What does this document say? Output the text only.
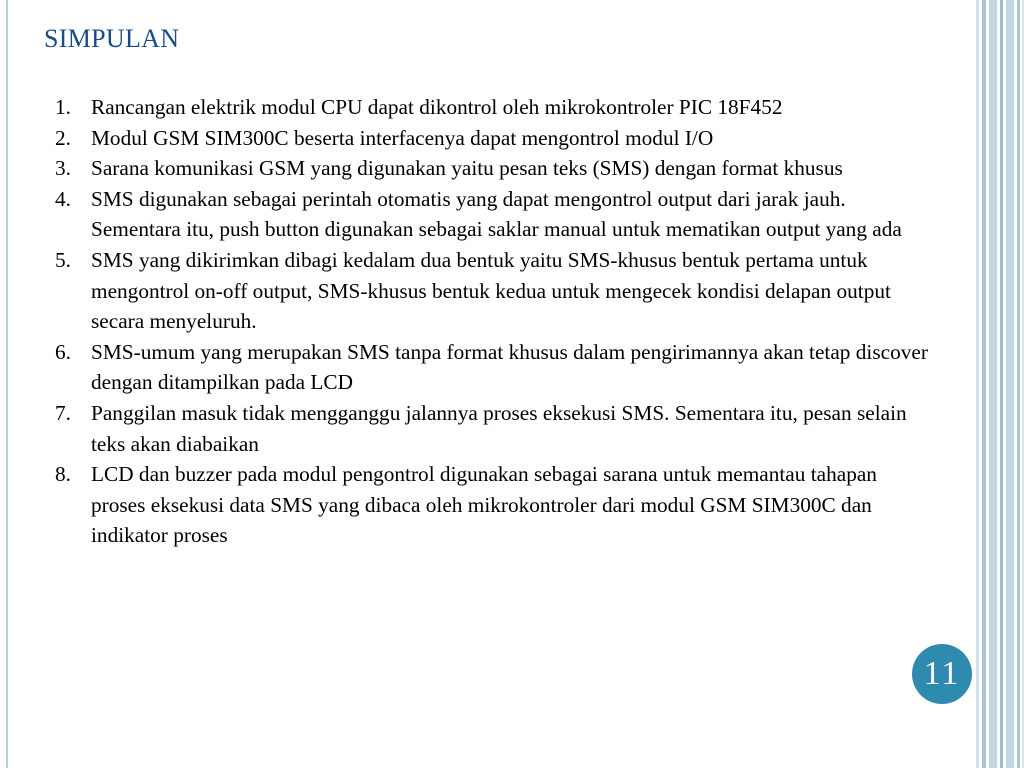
SIMPULAN
1. Rancangan elektrik modul CPU dapat dikontrol oleh mikrokontroler PIC 18F452
2. Modul GSM SIM300C beserta interfacenya dapat mengontrol modul I/O
3. Sarana komunikasi GSM yang digunakan yaitu pesan teks (SMS) dengan format khusus
4. SMS digunakan sebagai perintah otomatis yang dapat mengontrol output dari jarak jauh. Sementara itu, push button digunakan sebagai saklar manual untuk mematikan output yang ada
5. SMS yang dikirimkan dibagi kedalam dua bentuk yaitu SMS-khusus bentuk pertama untuk mengontrol on-off output, SMS-khusus bentuk kedua untuk mengecek kondisi delapan output secara menyeluruh.
6. SMS-umum yang merupakan SMS tanpa format khusus dalam pengirimannya akan tetap discover dengan ditampilkan pada LCD
7. Panggilan masuk tidak mengganggu jalannya proses eksekusi SMS. Sementara itu, pesan selain teks akan diabaikan
8. LCD dan buzzer pada modul pengontrol digunakan sebagai sarana untuk memantau tahapan proses eksekusi data SMS yang dibaca oleh mikrokontroler dari modul GSM SIM300C dan indikator proses
11
